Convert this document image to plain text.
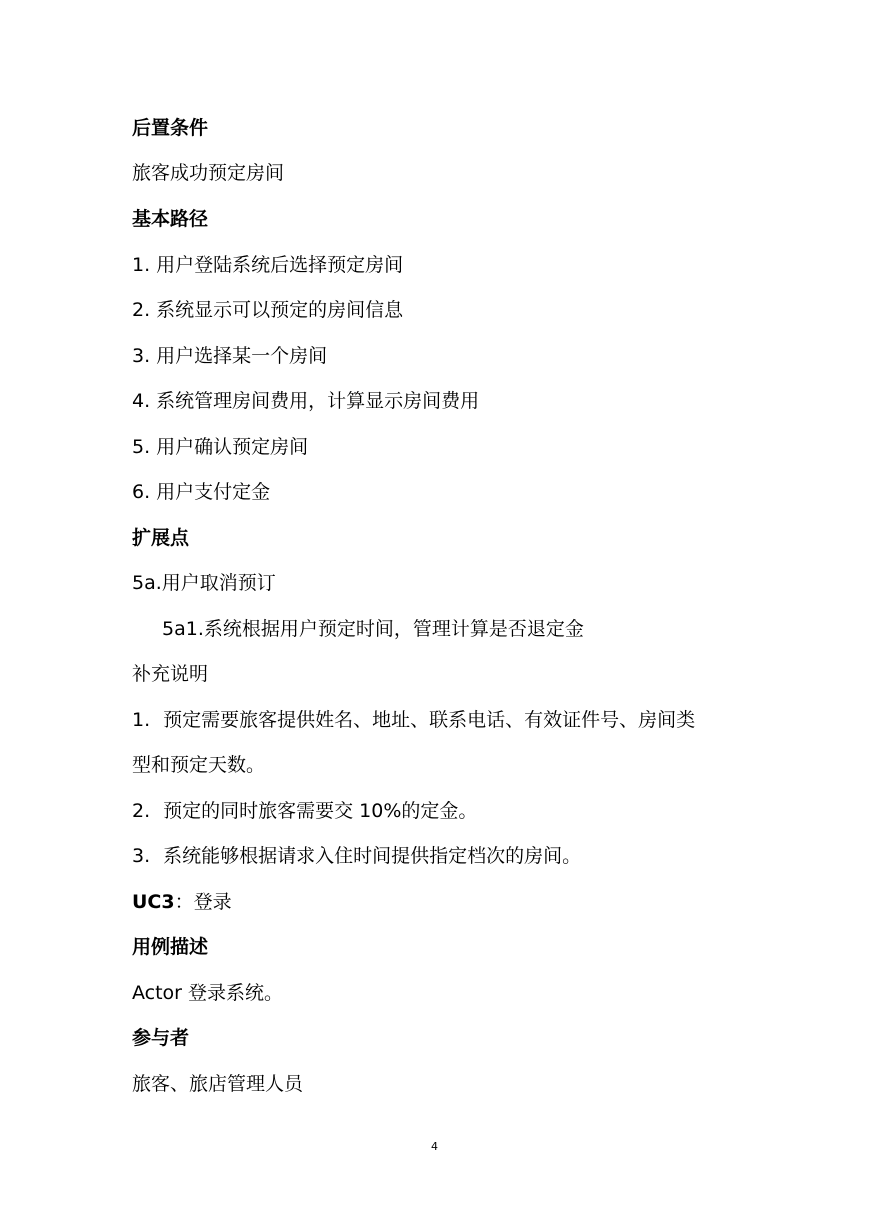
后置条件
旅客成功预定房间
基本路径
1. 用户登陆系统后选择预定房间
2. 系统显示可以预定的房间信息
3. 用户选择某一个房间
4. 系统管理房间费用，计算显示房间费用
5. 用户确认预定房间
6. 用户支付定金
扩展点
5a.用户取消预订
5a1.系统根据用户预定时间，管理计算是否退定金
补充说明
1. 预定需要旅客提供姓名、地址、联系电话、有效证件号、房间类
型和预定天数。
2. 预定的同时旅客需要交 10%的定金。
3. 系统能够根据请求入住时间提供指定档次的房间。
UC3：登录
用例描述
Actor 登录系统。
参与者
旅客、旅店管理人员
4
